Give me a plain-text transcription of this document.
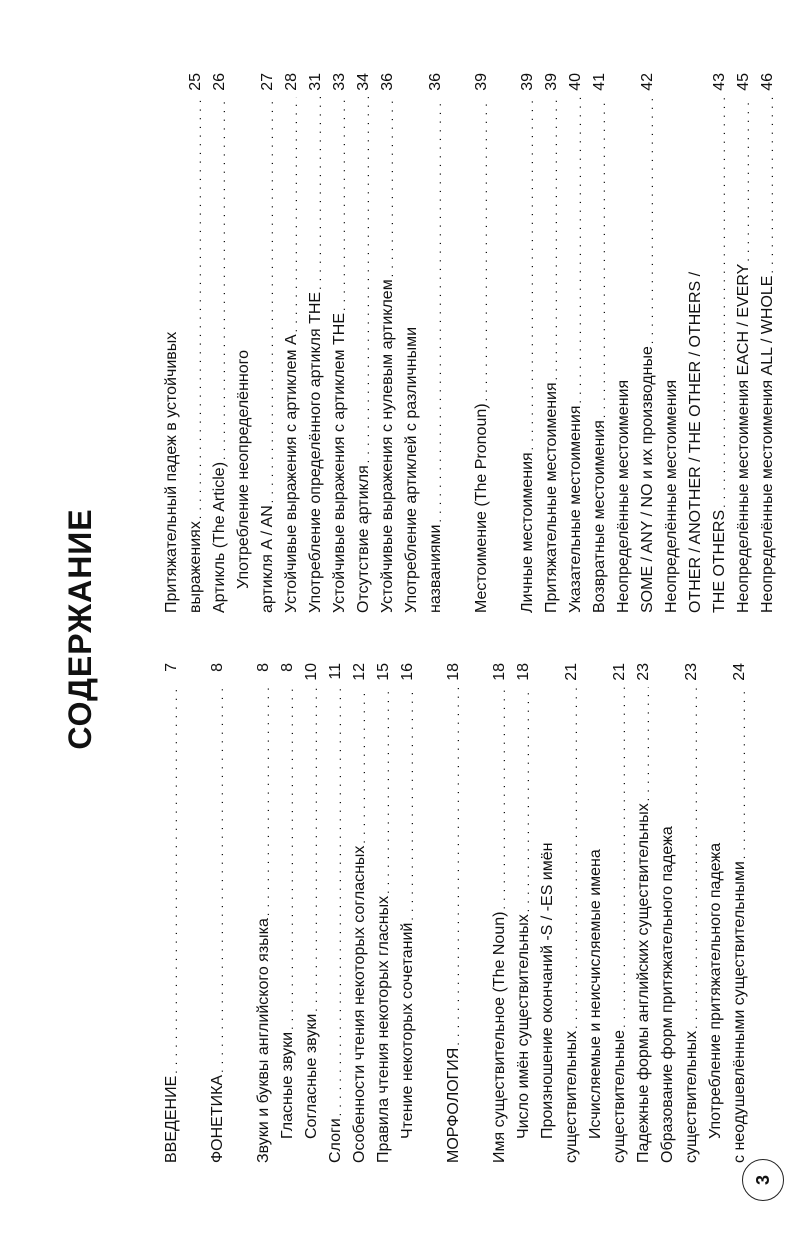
СОДЕРЖАНИЕ
ВВЕДЕНИЕ
. . .
7
ФОНЕТИКА
. . .
8
Звуки и буквы английского языка
. . .
8
Гласные звуки
. . .
8
Согласные звуки
. . .
10
Слоги
. . .
11
Особенности чтения некоторых согласных
. . .
12
Правила чтения некоторых гласных
. . .
15
Чтение некоторых сочетаний
. . .
16
МОРФОЛОГИЯ
. . .
18
Имя существительное (The Noun)
. . .
18
Число имён существительных
. . .
18
Произношение окончаний -S / -ES имён существительных
. . .
21
Исчисляемые и неисчисляемые имена существительные
. . .
21
Падежные формы английских существительных
. . .
23
Образование форм притяжательного падежа существительных
. . .
23
Употребление притяжательного падежа с неодушевлёнными существительными
. . .
24
Притяжательный падеж в устойчивых выражениях
. . .
25
Артикль (The Article)
. . .
26
Употребление неопределённого артикля A / AN
. . .
27
Устойчивые выражения с артиклем А
. . .
28
Употребление определённого артикля THE
. . .
31
Устойчивые выражения с артиклем THE
. . .
33
Отсутствие артикля
. . .
34
Устойчивые выражения с нулевым артиклем
. . .
36
Употребление артиклей с различными названиями
. . .
36
Местоимение (The Pronoun)
. . .
39
Личные местоимения
. . .
39
Притяжательные местоимения
. . .
39
Указательные местоимения
. . .
40
Возвратные местоимения
. . .
41
Неопределённые местоимения SOME / ANY / NO и их производные
. . .
42
Неопределённые местоимения OTHER / ANOTHER / THE OTHER / OTHERS / THE OTHERS
. . .
43
Неопределённые местоимения EACH / EVERY
. . .
45
Неопределённые местоимения ALL / WHOLE
. . .
46
3
